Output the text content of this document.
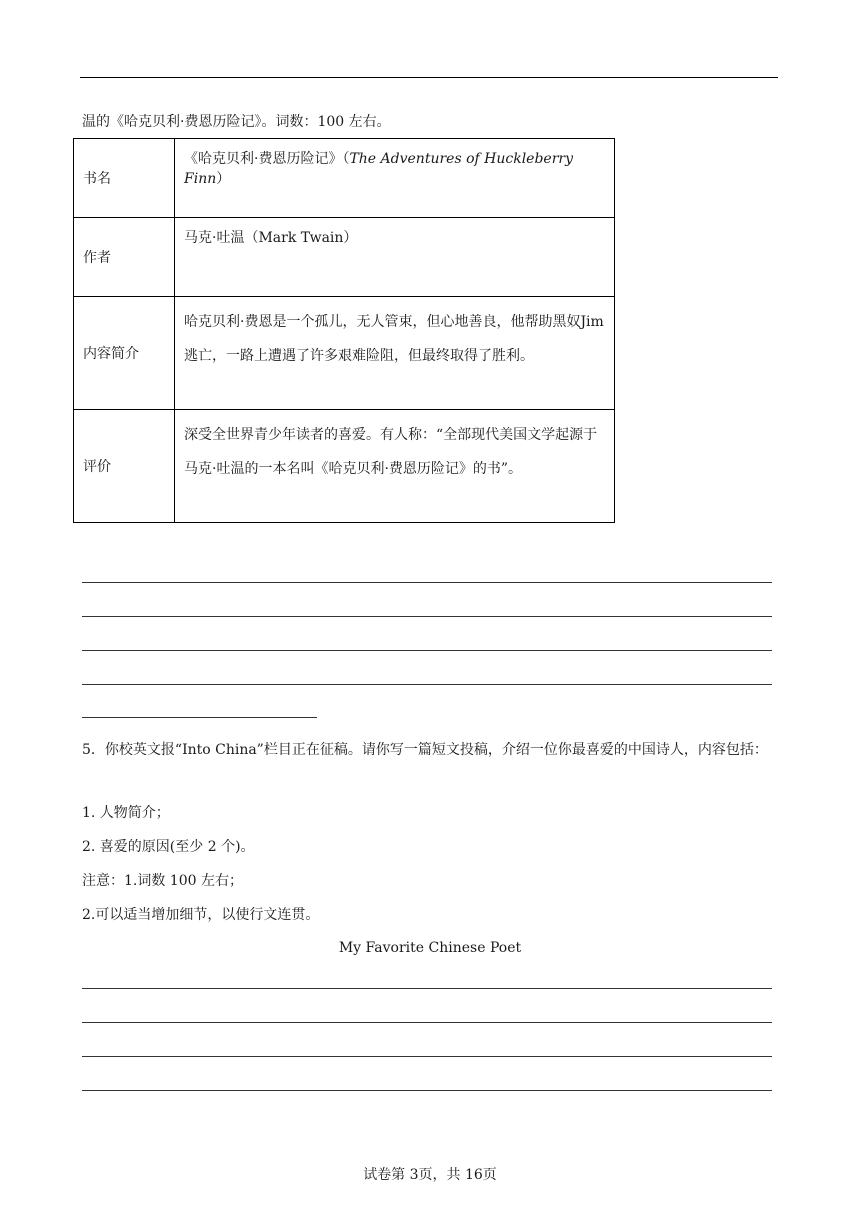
温的《哈克贝利·费恩历险记》。词数：100 左右。
书名	《哈克贝利·费恩历险记》（The Adventures of Huckleberry Finn）
作者	马克·吐温（Mark Twain）
内容简介	哈克贝利·费恩是一个孤儿，无人管束，但心地善良，他帮助黑奴Jim 逃亡，一路上遭遇了许多艰难险阻，但最终取得了胜利。
评价	深受全世界青少年读者的喜爱。有人称：“全部现代美国文学起源于马克·吐温的一本名叫《哈克贝利·费恩历险记》的书”。
5．你校英文报“Into China”栏目正在征稿。请你写一篇短文投稿，介绍一位你最喜爱的中国诗人，内容包括：
1. 人物简介；
2. 喜爱的原因(至少 2 个)。
注意：1.词数 100 左右；
2.可以适当增加细节，以使行文连贯。
My Favorite Chinese Poet
试卷第 3页，共 16页
